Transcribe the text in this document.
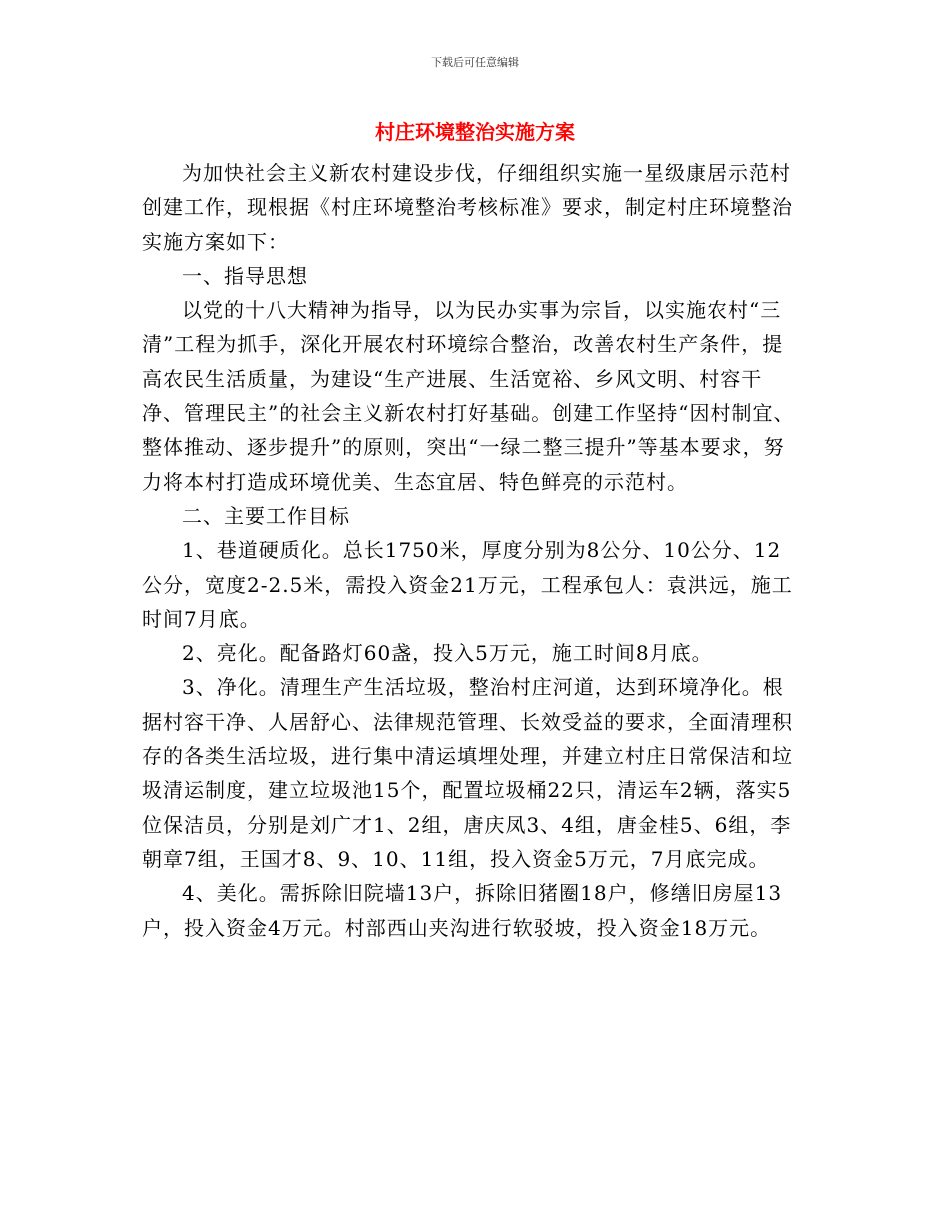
下载后可任意编辑
村庄环境整治实施方案

为加快社会主义新农村建设步伐，仔细组织实施一星级康居示范村创建工作，现根据《村庄环境整治考核标准》要求，制定村庄环境整治实施方案如下：

一、指导思想

以党的十八大精神为指导，以为民办实事为宗旨，以实施农村“三清”工程为抓手，深化开展农村环境综合整治，改善农村生产条件，提高农民生活质量，为建设“生产进展、生活宽裕、乡风文明、村容干净、管理民主”的社会主义新农村打好基础。创建工作坚持“因村制宜、整体推动、逐步提升”的原则，突出“一绿二整三提升”等基本要求，努力将本村打造成环境优美、生态宜居、特色鲜亮的示范村。

二、主要工作目标

1、巷道硬质化。总长1750米，厚度分别为8公分、10公分、12公分，宽度2-2.5米，需投入资金21万元，工程承包人：袁洪远，施工时间7月底。

2、亮化。配备路灯60盏，投入5万元，施工时间8月底。

3、净化。清理生产生活垃圾，整治村庄河道，达到环境净化。根据村容干净、人居舒心、法律规范管理、长效受益的要求，全面清理积存的各类生活垃圾，进行集中清运填埋处理，并建立村庄日常保洁和垃圾清运制度，建立垃圾池15个，配置垃圾桶22只，清运车2辆，落实5位保洁员，分别是刘广才1、2组，唐庆凤3、4组，唐金桂5、6组，李朝章7组，王国才8、9、10、11组，投入资金5万元，7月底完成。

4、美化。需拆除旧院墙13户，拆除旧猪圈18户，修缮旧房屋13户，投入资金4万元。村部西山夹沟进行软驳坡，投入资金18万元。
